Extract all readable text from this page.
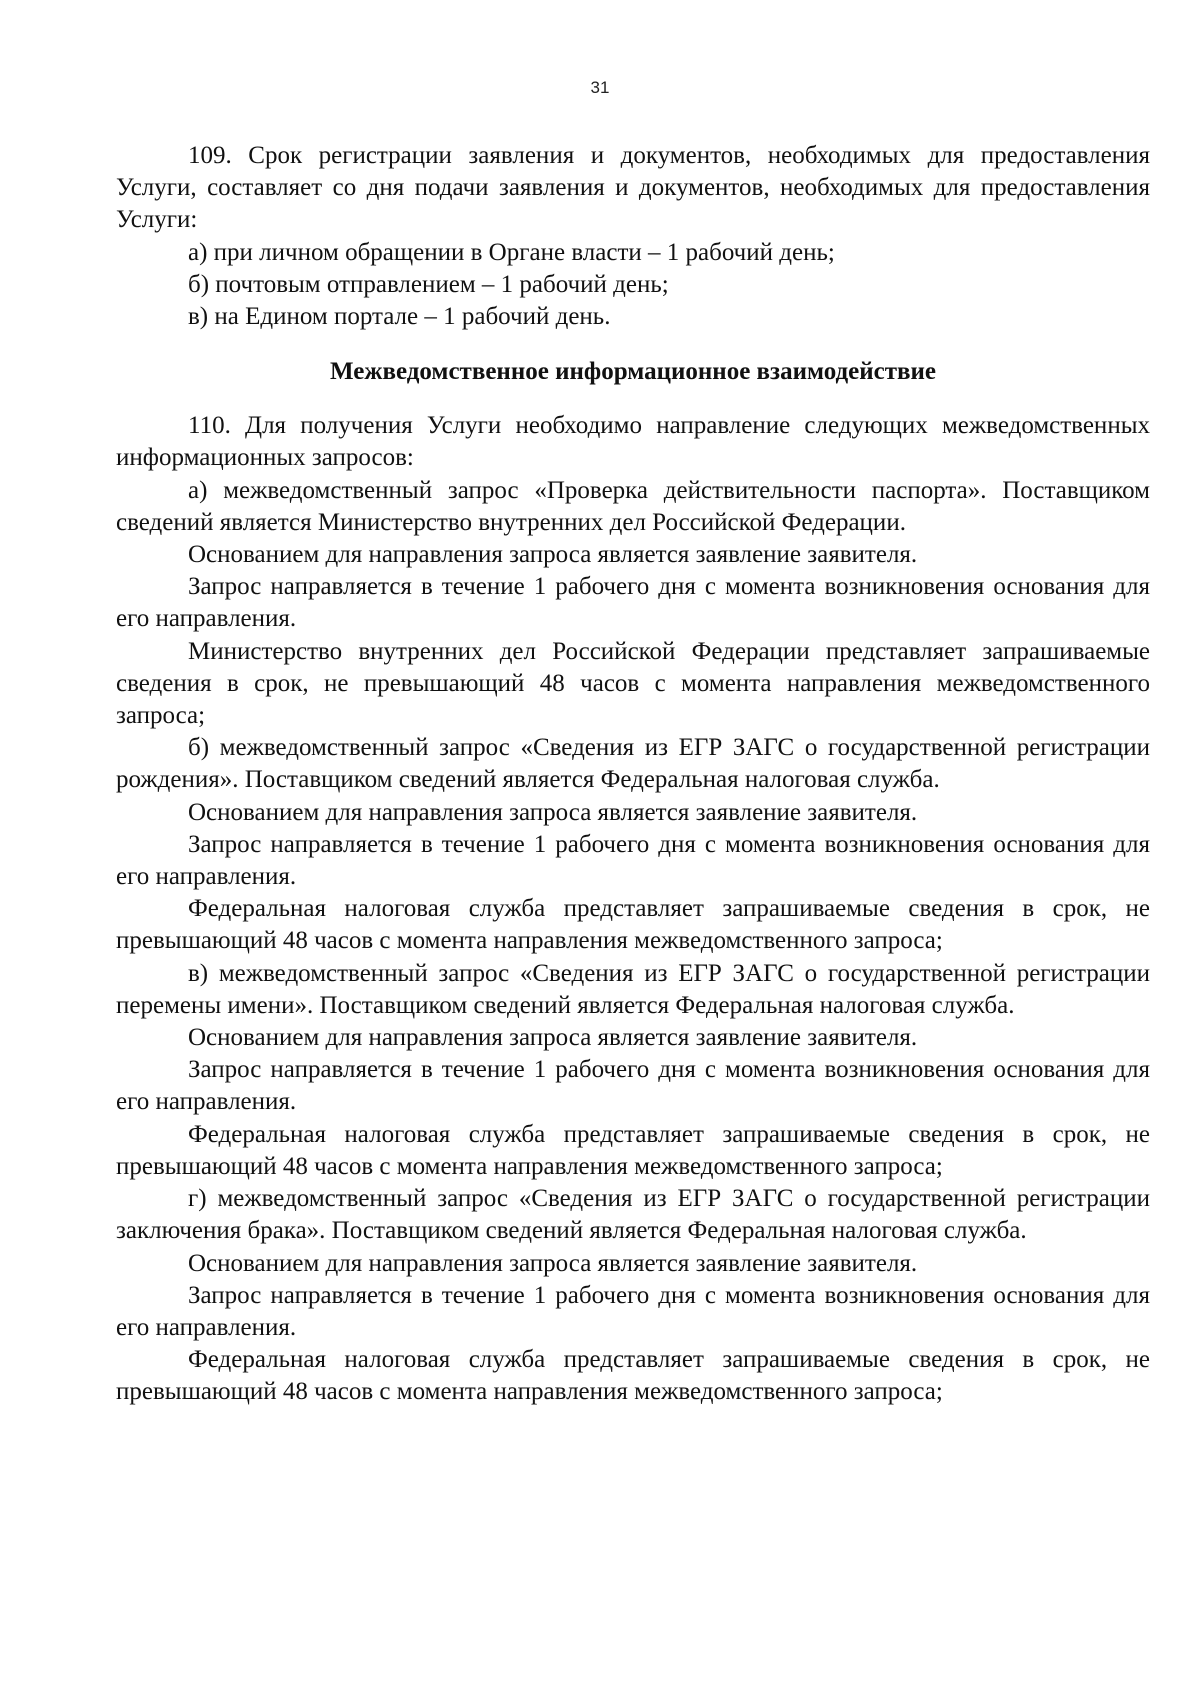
31

109. Срок регистрации заявления и документов, необходимых для предоставления Услуги, составляет со дня подачи заявления и документов, необходимых для предоставления Услуги:

а) при личном обращении в Органе власти – 1 рабочий день;

б) почтовым отправлением – 1 рабочий день;

в) на Едином портале – 1 рабочий день.

Межведомственное информационное взаимодействие

110. Для получения Услуги необходимо направление следующих межведомственных информационных запросов:

а) межведомственный запрос «Проверка действительности паспорта». Поставщиком сведений является Министерство внутренних дел Российской Федерации.

Основанием для направления запроса является заявление заявителя.

Запрос направляется в течение 1 рабочего дня с момента возникновения основания для его направления.

Министерство внутренних дел Российской Федерации представляет запрашиваемые сведения в срок, не превышающий 48 часов с момента направления межведомственного запроса;

б) межведомственный запрос «Сведения из ЕГР ЗАГС о государственной регистрации рождения». Поставщиком сведений является Федеральная налоговая служба.

Основанием для направления запроса является заявление заявителя.

Запрос направляется в течение 1 рабочего дня с момента возникновения основания для его направления.

Федеральная налоговая служба представляет запрашиваемые сведения в срок, не превышающий 48 часов с момента направления межведомственного запроса;

в) межведомственный запрос «Сведения из ЕГР ЗАГС о государственной регистрации перемены имени». Поставщиком сведений является Федеральная налоговая служба.

Основанием для направления запроса является заявление заявителя.

Запрос направляется в течение 1 рабочего дня с момента возникновения основания для его направления.

Федеральная налоговая служба представляет запрашиваемые сведения в срок, не превышающий 48 часов с момента направления межведомственного запроса;

г) межведомственный запрос «Сведения из ЕГР ЗАГС о государственной регистрации заключения брака». Поставщиком сведений является Федеральная налоговая служба.

Основанием для направления запроса является заявление заявителя.

Запрос направляется в течение 1 рабочего дня с момента возникновения основания для его направления.

Федеральная налоговая служба представляет запрашиваемые сведения в срок, не превышающий 48 часов с момента направления межведомственного запроса;
